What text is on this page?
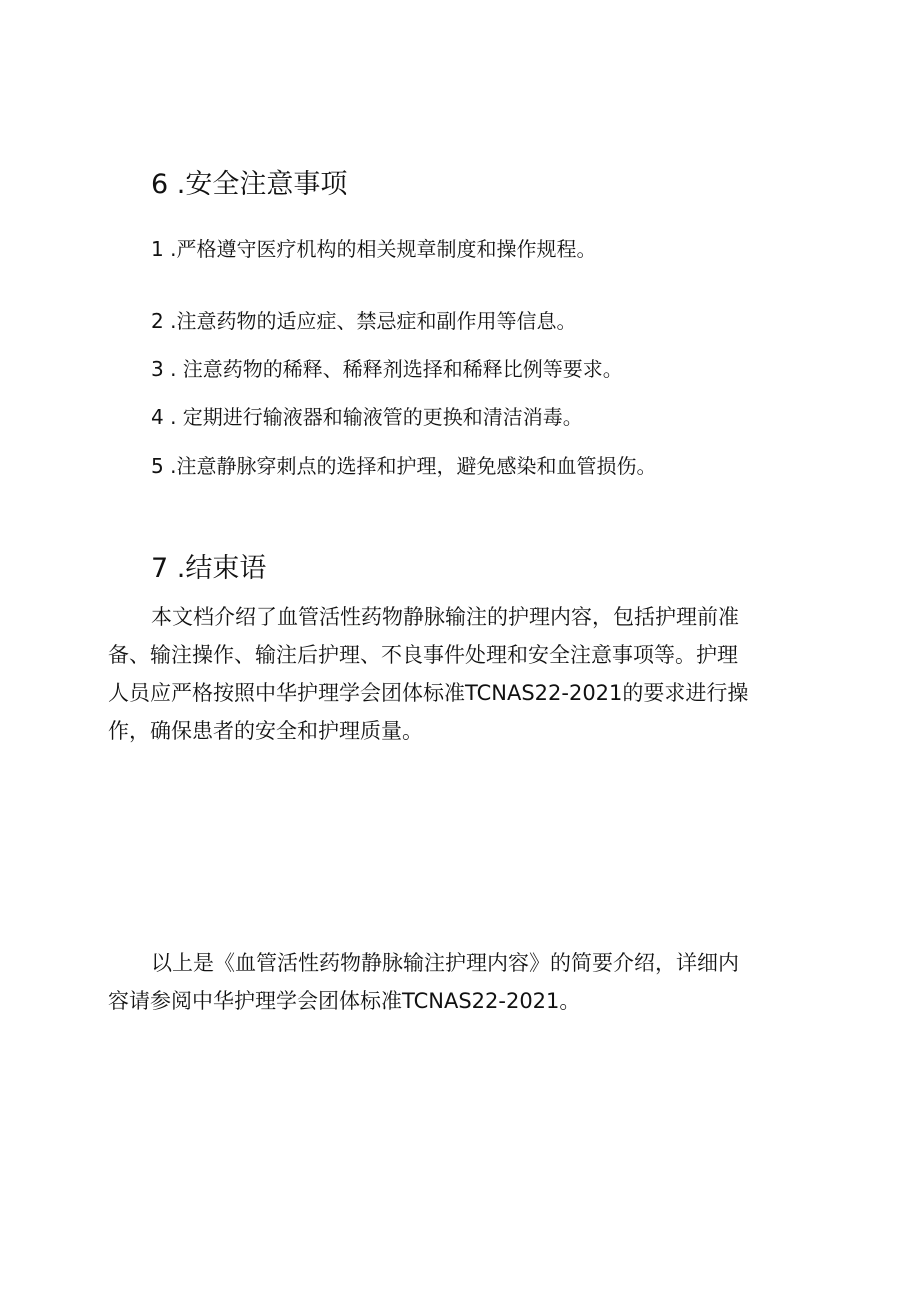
6 .安全注意事项

1 .严格遵守医疗机构的相关规章制度和操作规程。

2 .注意药物的适应症、禁忌症和副作用等信息。

3 . 注意药物的稀释、稀释剂选择和稀释比例等要求。

4 . 定期进行输液器和输液管的更换和清洁消毒。

5 .注意静脉穿刺点的选择和护理，避免感染和血管损伤。

7 .结束语
本文档介绍了血管活性药物静脉输注的护理内容，包括护理前准
备、输注操作、输注后护理、不良事件处理和安全注意事项等。护理
人员应严格按照中华护理学会团体标准TCNAS22-2021的要求进行操
作，确保患者的安全和护理质量。
以上是《血管活性药物静脉输注护理内容》的简要介绍，详细内
容请参阅中华护理学会团体标准TCNAS22-2021。
